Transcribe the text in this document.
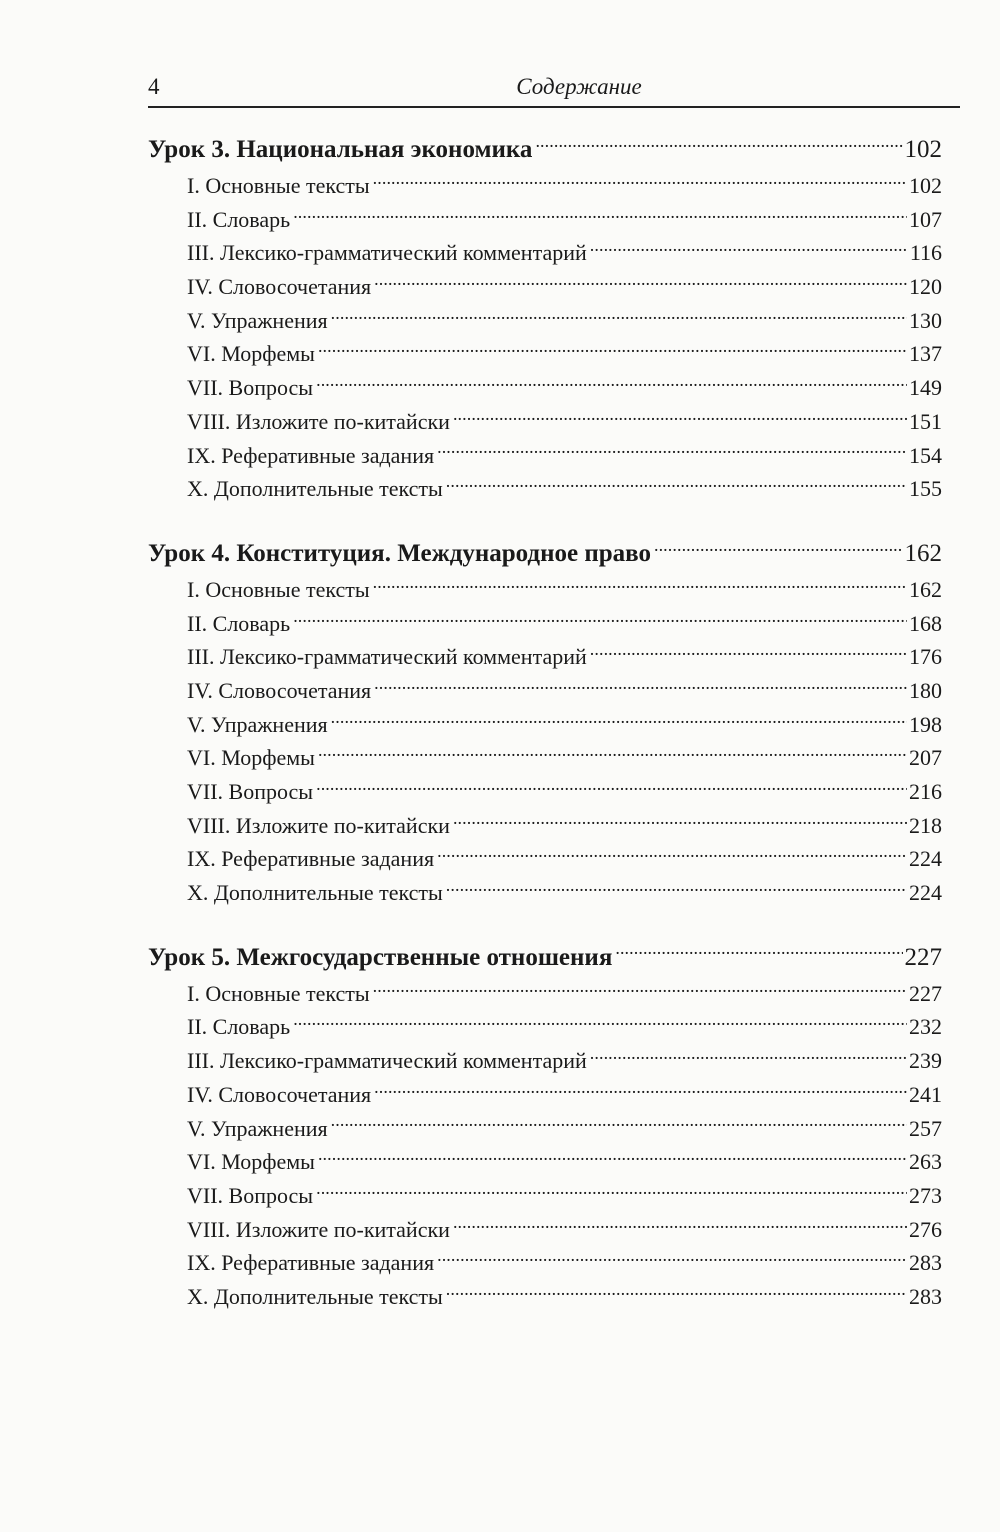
4	Содержание
Урок 3. Национальная экономика . . .	102
I. Основные тексты . . .	102
II. Словарь . . .	107
III. Лексико-грамматический комментарий . . .	116
IV. Словосочетания . . .	120
V. Упражнения . . .	130
VI. Морфемы . . .	137
VII. Вопросы . . .	149
VIII. Изложите по-китайски . . .	151
IX. Реферативные задания . . .	154
X. Дополнительные тексты . . .	155
Урок 4. Конституция. Международное право . . .	162
I. Основные тексты . . .	162
II. Словарь . . .	168
III. Лексико-грамматический комментарий . . .	176
IV. Словосочетания . . .	180
V. Упражнения . . .	198
VI. Морфемы . . .	207
VII. Вопросы . . .	216
VIII. Изложите по-китайски . . .	218
IX. Реферативные задания . . .	224
X. Дополнительные тексты . . .	224
Урок 5. Межгосударственные отношения . . .	227
I. Основные тексты . . .	227
II. Словарь . . .	232
III. Лексико-грамматический комментарий . . .	239
IV. Словосочетания . . .	241
V. Упражнения . . .	257
VI. Морфемы . . .	263
VII. Вопросы . . .	273
VIII. Изложите по-китайски . . .	276
IX. Реферативные задания . . .	283
X. Дополнительные тексты . . .	283
